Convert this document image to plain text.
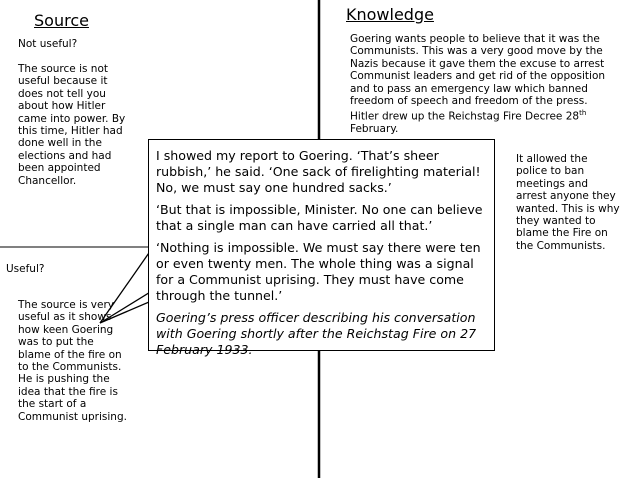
Source	Knowledge
Not useful?
The source is not
useful because it
does not tell you
about how Hitler
came into power. By
this time, Hitler had
done well in the
elections and had
been appointed
Chancellor.
Useful?
The source is very
useful as it shows
how keen Goering
was to put the
blame of the fire on
to the Communists.
He is pushing the
idea that the fire is
the start of a
Communist uprising.
Goering wants people to believe that it was the
Communists. This was a very good move by the
Nazis because it gave them the excuse to arrest
Communist leaders and get rid of the opposition
and to pass an emergency law which banned
freedom of speech and freedom of the press.
Hitler drew up the Reichstag Fire Decree 28th
February.
It allowed the
police to ban
meetings and
arrest anyone they
wanted. This is why
they wanted to
blame the Fire on
the Communists.

I showed my report to Goering. ‘That’s sheer rubbish,’ he said. ‘One sack of firelighting material! No, we must say one hundred sacks.’

‘But that is impossible, Minister. No one can believe that a single man can have carried all that.’

‘Nothing is impossible. We must say there were ten or even twenty men. The whole thing was a signal for a Communist uprising. They must have come through the tunnel.’

Goering’s press officer describing his conversation with Goering shortly after the Reichstag Fire on 27 February 1933.
